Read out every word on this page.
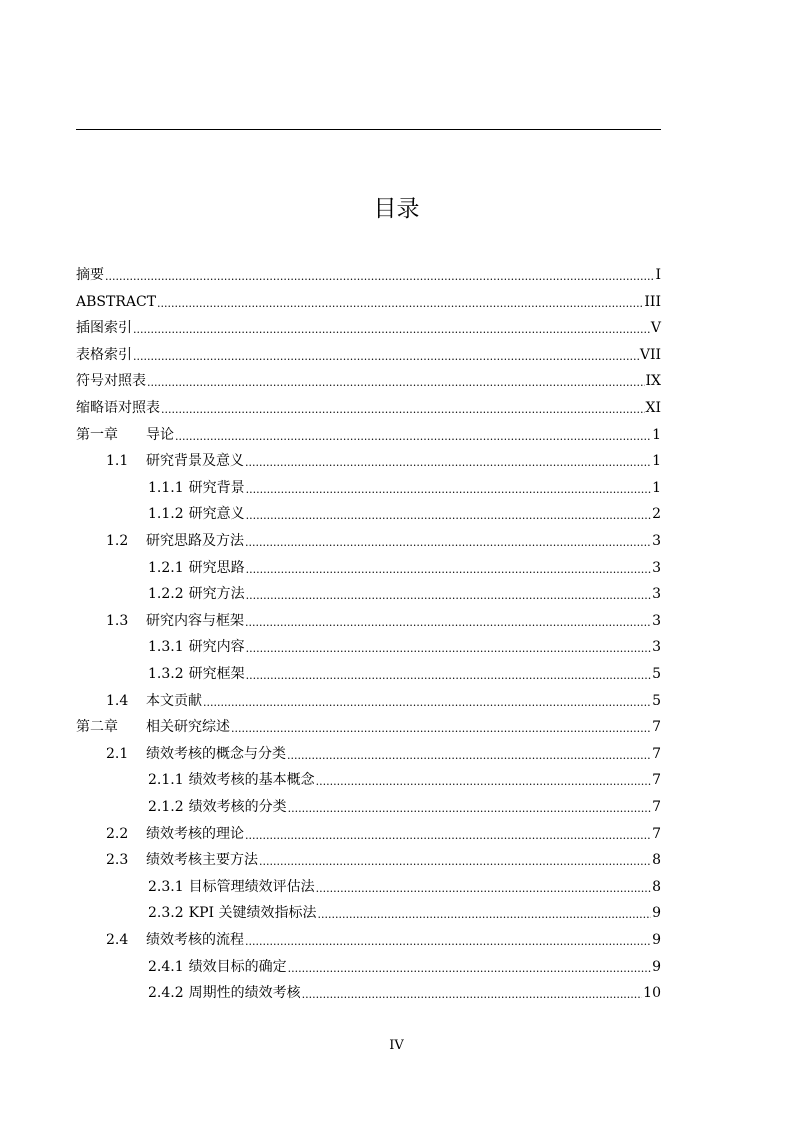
目录
摘要 .....	I
ABSTRACT .....	III
插图索引 .....	V
表格索引 .....	VII
符号对照表 .....	IX
缩略语对照表 .....	XI
第一章	导论 .....	1
1.1	研究背景及意义 .....	1
1.1.1 研究背景 .....	1
1.1.2 研究意义 .....	2
1.2	研究思路及方法 .....	3
1.2.1 研究思路 .....	3
1.2.2 研究方法 .....	3
1.3	研究内容与框架 .....	3
1.3.1 研究内容 .....	3
1.3.2 研究框架 .....	5
1.4	本文贡献 .....	5
第二章	相关研究综述 .....	7
2.1	绩效考核的概念与分类 .....	7
2.1.1 绩效考核的基本概念 .....	7
2.1.2 绩效考核的分类 .....	7
2.2	绩效考核的理论 .....	7
2.3	绩效考核主要方法 .....	8
2.3.1 目标管理绩效评估法 .....	8
2.3.2 KPI 关键绩效指标法 .....	9
2.4	绩效考核的流程 .....	9
2.4.1 绩效目标的确定 .....	9
2.4.2 周期性的绩效考核 .....	10
IV
